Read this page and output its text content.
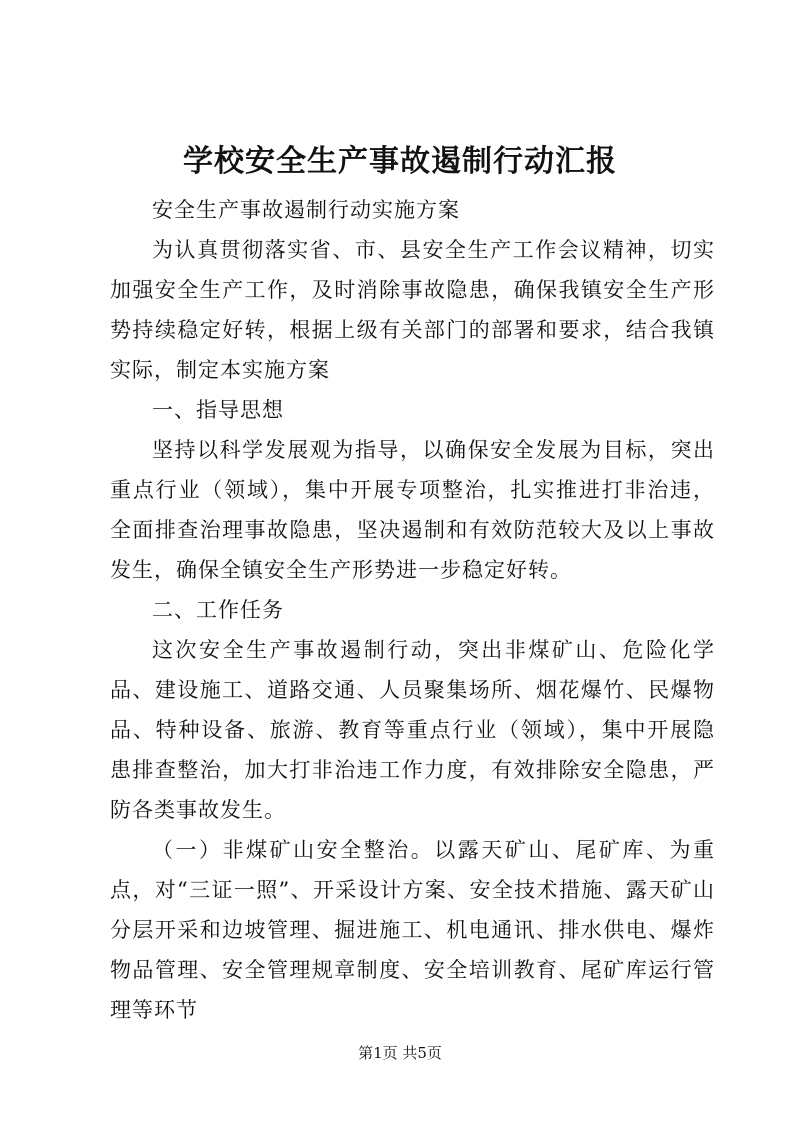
学校安全生产事故遏制行动汇报

安全生产事故遏制行动实施方案

为认真贯彻落实省、市、县安全生产工作会议精神，切实加强安全生产工作，及时消除事故隐患，确保我镇安全生产形势持续稳定好转，根据上级有关部门的部署和要求，结合我镇实际，制定本实施方案

一、指导思想

坚持以科学发展观为指导，以确保安全发展为目标，突出重点行业（领域），集中开展专项整治，扎实推进打非治违，全面排查治理事故隐患，坚决遏制和有效防范较大及以上事故发生，确保全镇安全生产形势进一步稳定好转。

二、工作任务

这次安全生产事故遏制行动，突出非煤矿山、危险化学品、建设施工、道路交通、人员聚集场所、烟花爆竹、民爆物品、特种设备、旅游、教育等重点行业（领域），集中开展隐患排查整治，加大打非治违工作力度，有效排除安全隐患，严防各类事故发生。

（一）非煤矿山安全整治。以露天矿山、尾矿库、为重点，对“三证一照”、开采设计方案、安全技术措施、露天矿山分层开采和边坡管理、掘进施工、机电通讯、排水供电、爆炸物品管理、安全管理规章制度、安全培训教育、尾矿库运行管理等环节

第1页 共5页
